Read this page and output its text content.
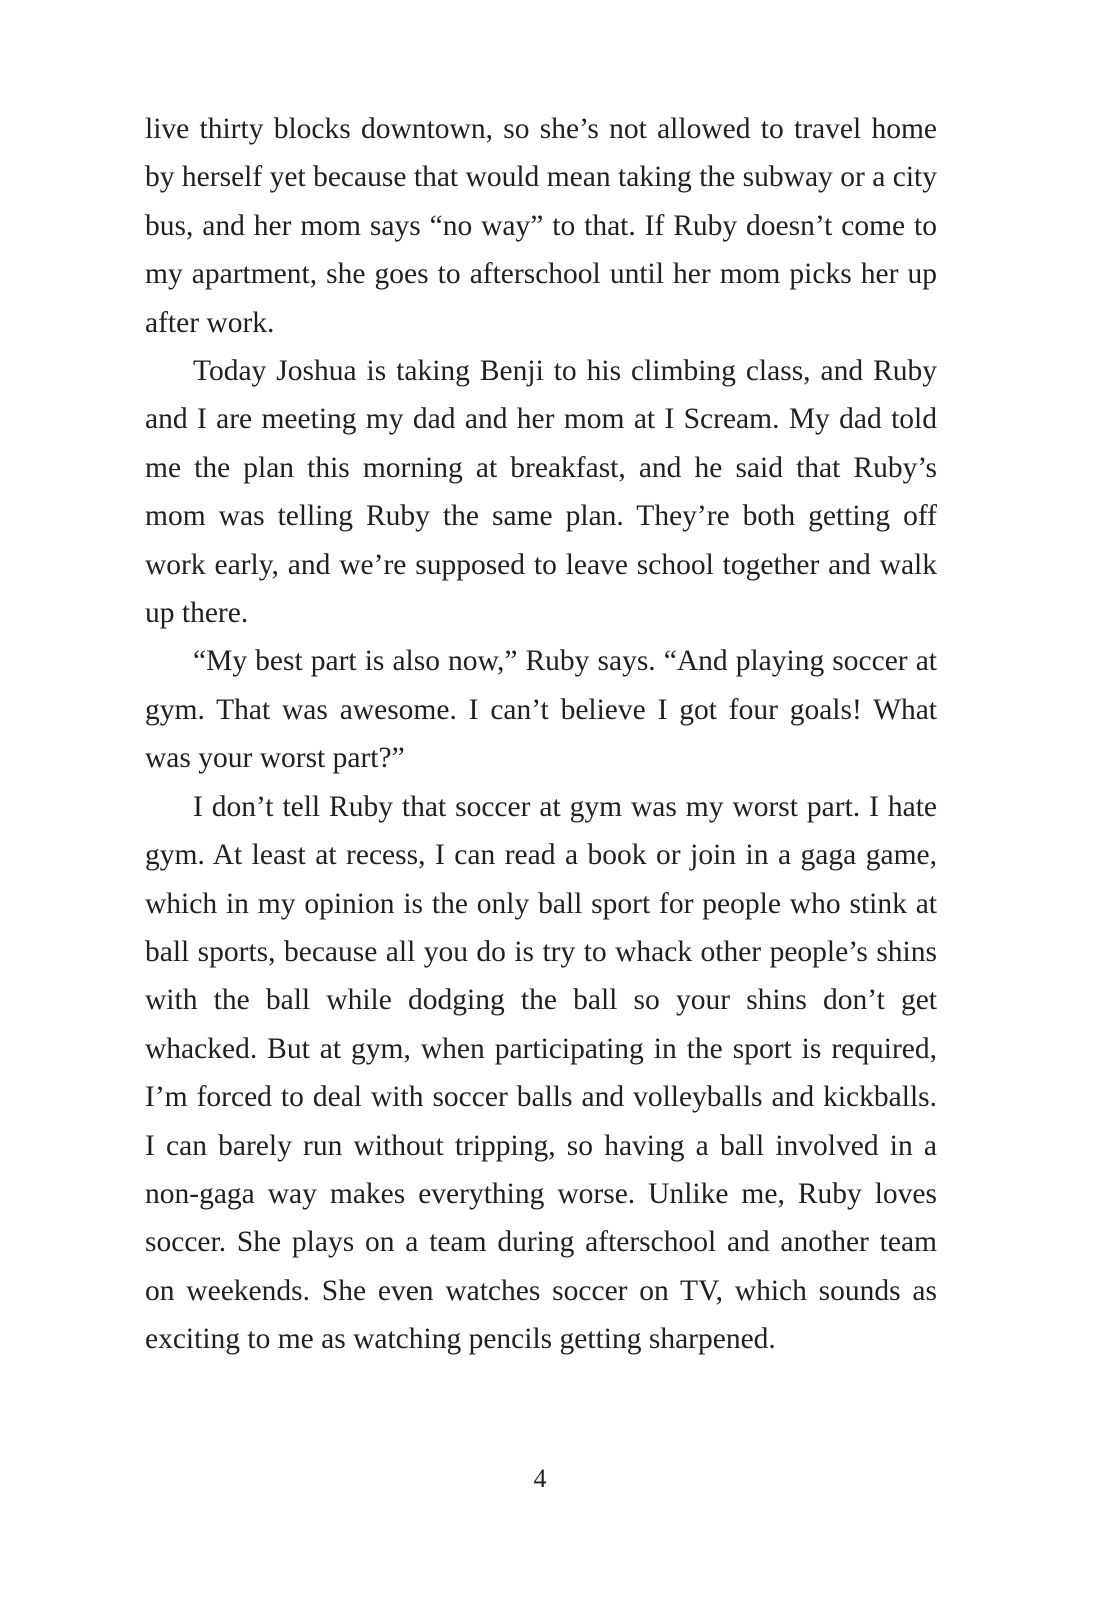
live thirty blocks downtown, so she’s not allowed to travel home by herself yet because that would mean taking the subway or a city bus, and her mom says “no way” to that. If Ruby doesn’t come to my apartment, she goes to afterschool until her mom picks her up after work.

Today Joshua is taking Benji to his climbing class, and Ruby and I are meeting my dad and her mom at I Scream. My dad told me the plan this morning at breakfast, and he said that Ruby’s mom was telling Ruby the same plan. They’re both getting off work early, and we’re supposed to leave school together and walk up there.

“My best part is also now,” Ruby says. “And playing soccer at gym. That was awesome. I can’t believe I got four goals! What was your worst part?”

I don’t tell Ruby that soccer at gym was my worst part. I hate gym. At least at recess, I can read a book or join in a gaga game, which in my opinion is the only ball sport for people who stink at ball sports, because all you do is try to whack other people’s shins with the ball while dodging the ball so your shins don’t get whacked. But at gym, when participating in the sport is required, I’m forced to deal with soccer balls and volleyballs and kickballs. I can barely run without tripping, so having a ball involved in a non-gaga way makes everything worse. Unlike me, Ruby loves soccer. She plays on a team during afterschool and another team on weekends. She even watches soccer on TV, which sounds as exciting to me as watching pencils getting sharpened.

4
